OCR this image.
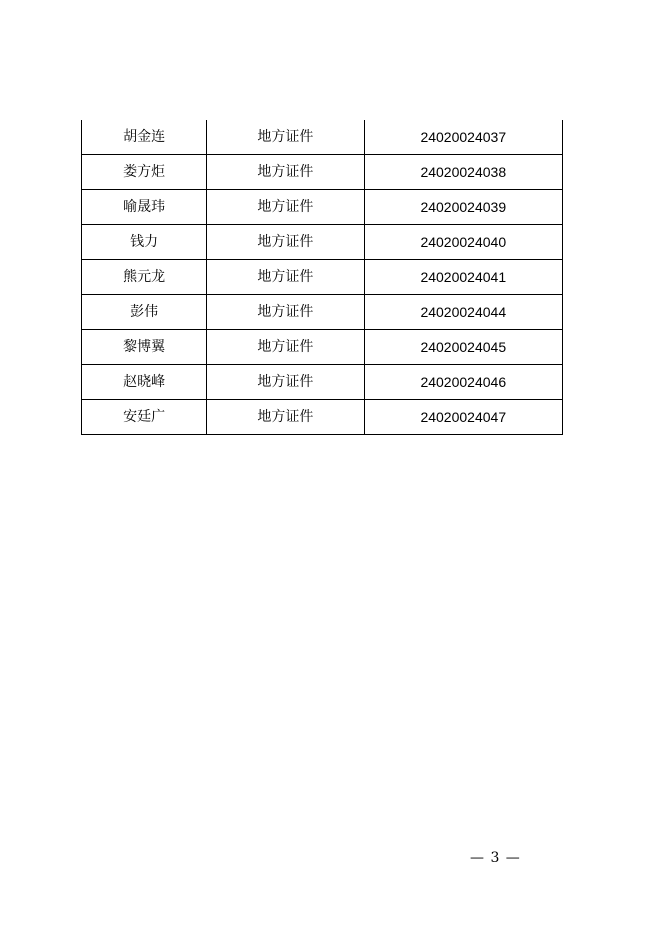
胡金连	地方证件	24020024037
娄方炬	地方证件	24020024038
喻晟玮	地方证件	24020024039
钱力	地方证件	24020024040
熊元龙	地方证件	24020024041
彭伟	地方证件	24020024044
黎博翼	地方证件	24020024045
赵晓峰	地方证件	24020024046
安廷广	地方证件	24020024047
— 3 —
